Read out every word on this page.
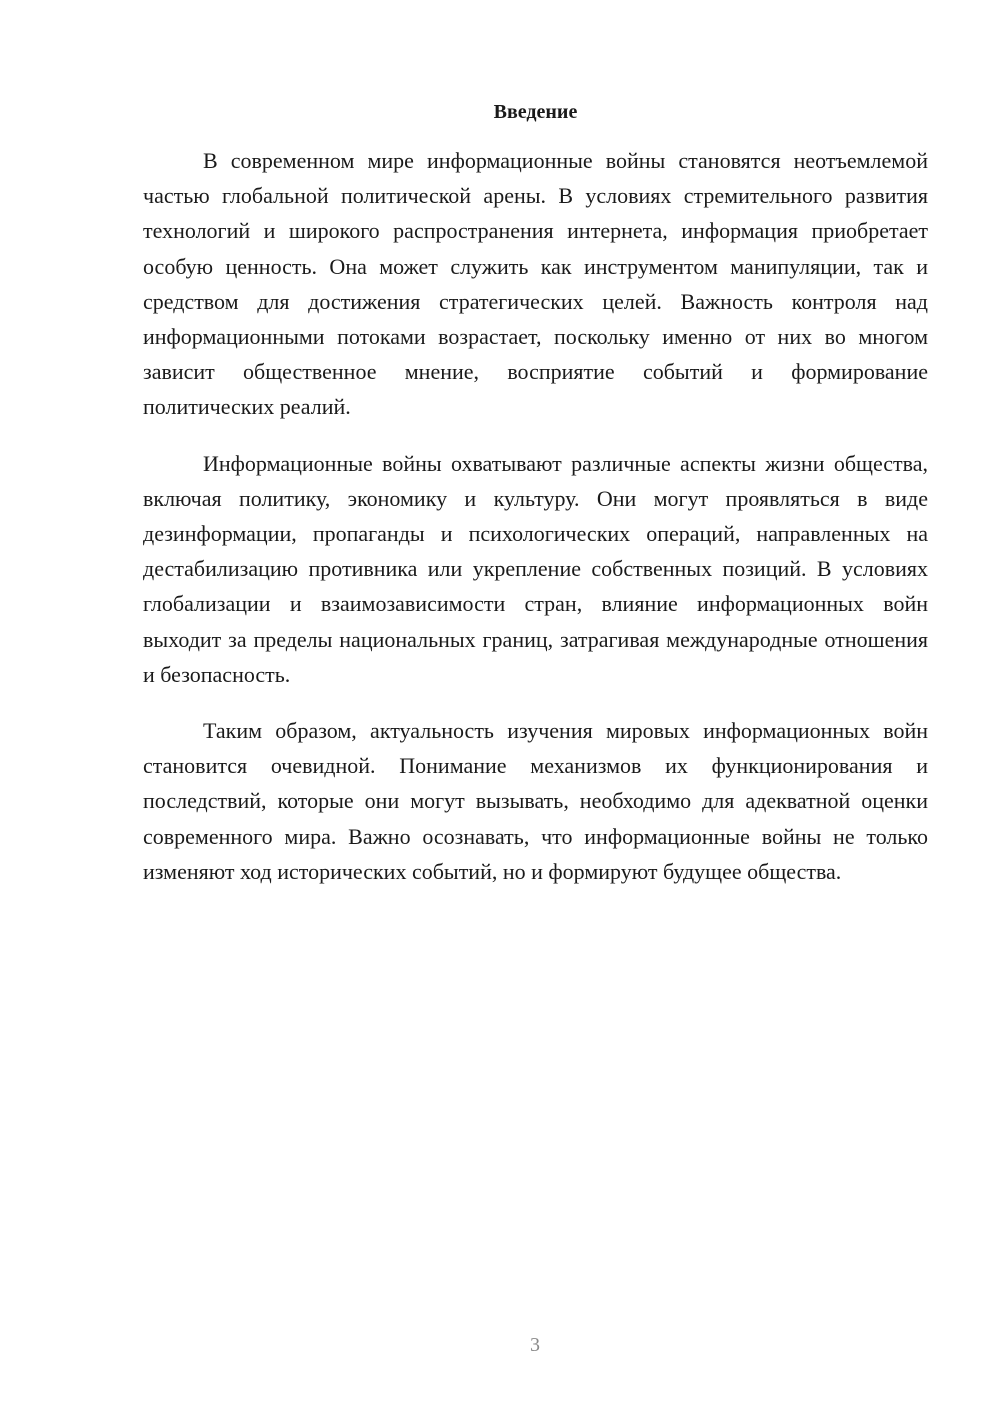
Введение

В современном мире информационные войны становятся неотъемлемой частью глобальной политической арены. В условиях стремительного развития технологий и широкого распространения интернета, информация приобретает особую ценность. Она может служить как инструментом манипуляции, так и средством для достижения стратегических целей. Важность контроля над информационными потоками возрастает, поскольку именно от них во многом зависит общественное мнение, восприятие событий и формирование политических реалий.

Информационные войны охватывают различные аспекты жизни общества, включая политику, экономику и культуру. Они могут проявляться в виде дезинформации, пропаганды и психологических операций, направленных на дестабилизацию противника или укрепление собственных позиций. В условиях глобализации и взаимозависимости стран, влияние информационных войн выходит за пределы национальных границ, затрагивая международные отношения и безопасность.

Таким образом, актуальность изучения мировых информационных войн становится очевидной. Понимание механизмов их функционирования и последствий, которые они могут вызывать, необходимо для адекватной оценки современного мира. Важно осознавать, что информационные войны не только изменяют ход исторических событий, но и формируют будущее общества.

3
